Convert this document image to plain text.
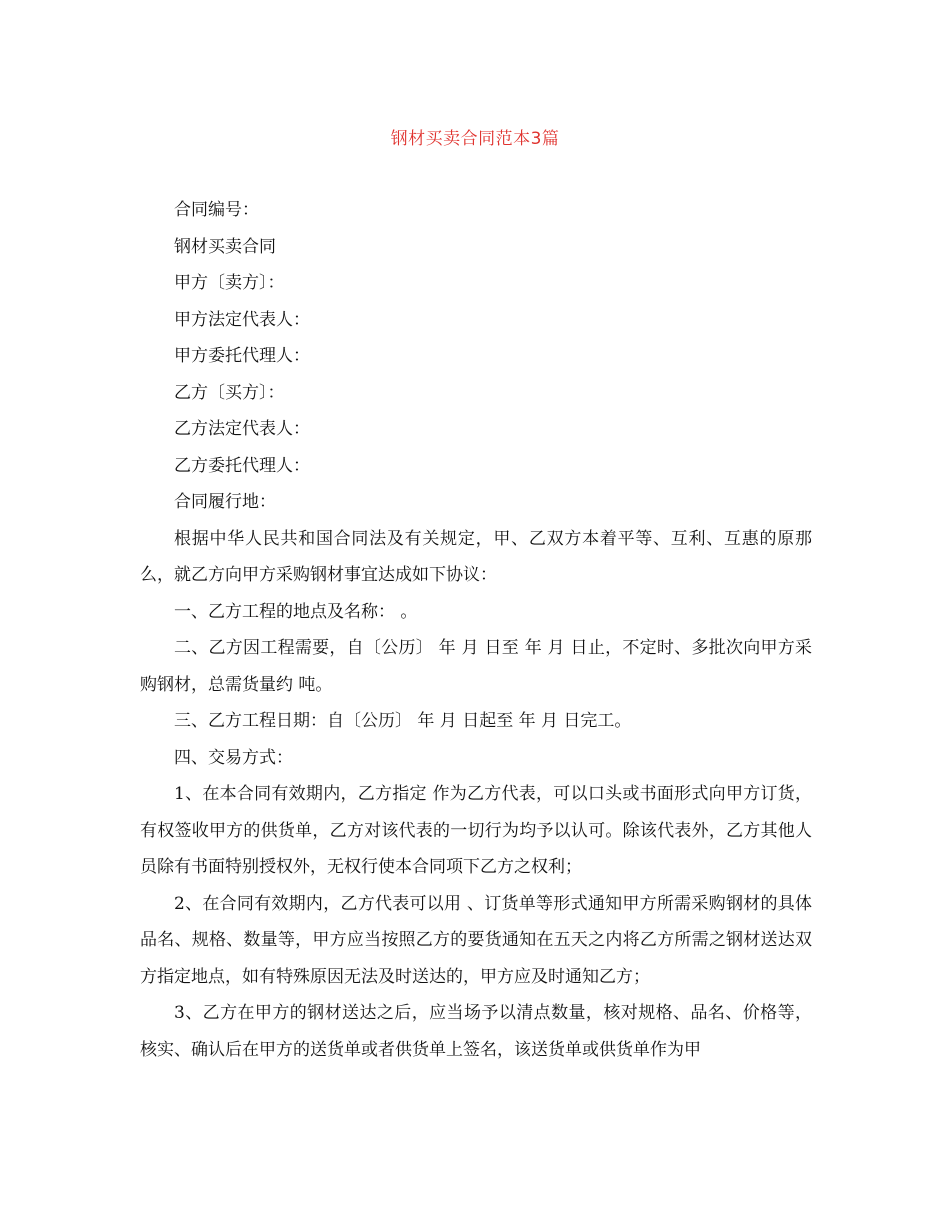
钢材买卖合同范本3篇

合同编号：

钢材买卖合同

甲方〔卖方〕：

甲方法定代表人：

甲方委托代理人：

乙方〔买方〕：

乙方法定代表人：

乙方委托代理人：

合同履行地：

根据中华人民共和国合同法及有关规定，甲、乙双方本着平等、互利、互惠的原那么，就乙方向甲方采购钢材事宜达成如下协议：

一、乙方工程的地点及名称： 。

二、乙方因工程需要，自〔公历〕 年 月 日至 年 月 日止，不定时、多批次向甲方采购钢材，总需货量约 吨。

三、乙方工程日期：自〔公历〕 年 月 日起至 年 月 日完工。

四、交易方式：

1、在本合同有效期内，乙方指定 作为乙方代表，可以口头或书面形式向甲方订货，有权签收甲方的供货单，乙方对该代表的一切行为均予以认可。除该代表外，乙方其他人员除有书面特别授权外，无权行使本合同项下乙方之权利；

2、在合同有效期内，乙方代表可以用 、订货单等形式通知甲方所需采购钢材的具体品名、规格、数量等，甲方应当按照乙方的要货通知在五天之内将乙方所需之钢材送达双方指定地点，如有特殊原因无法及时送达的，甲方应及时通知乙方；

3、乙方在甲方的钢材送达之后，应当场予以清点数量，核对规格、品名、价格等，核实、确认后在甲方的送货单或者供货单上签名，该送货单或供货单作为甲
